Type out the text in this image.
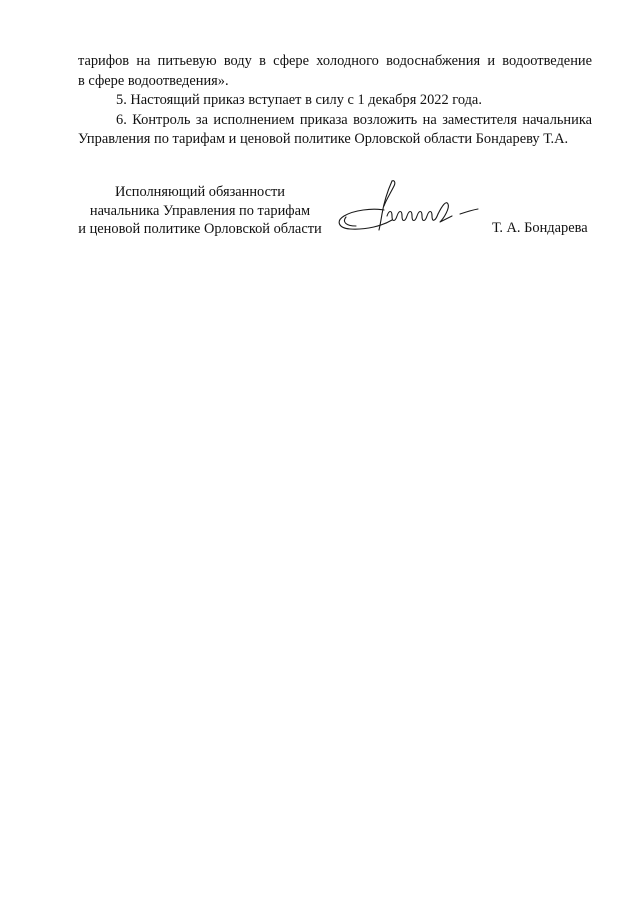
тарифов на питьевую воду в сфере холодного водоснабжения и водоотведение
в сфере водоотведения».

5. Настоящий приказ вступает в силу с 1 декабря 2022 года.

6. Контроль за исполнением приказа возложить на заместителя начальника
Управления по тарифам и ценовой политике Орловской области Бондареву Т.А.

Исполняющий обязанности
начальника Управления по тарифам
и ценовой политике Орловской области	Т. А. Бондарева
